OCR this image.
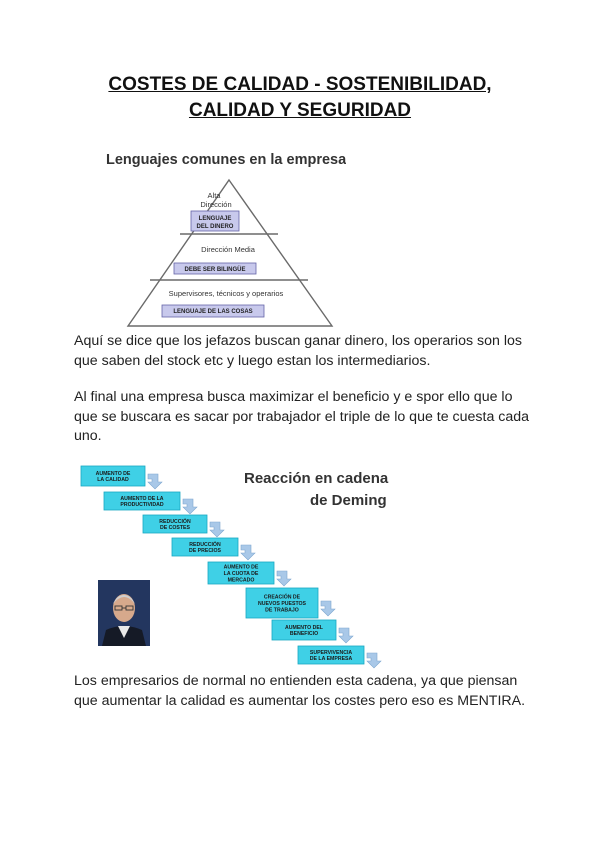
COSTES DE CALIDAD - SOSTENIBILIDAD,
CALIDAD Y SEGURIDAD
Lenguajes comunes en la empresa
Alta
Dirección
LENGUAJE
DEL DINERO
Dirección Media
DEBE SER BILINGÜE
Supervisores, técnicos y operarios
LENGUAJE DE LAS COSAS

Aquí se dice que los jefazos buscan ganar dinero, los operarios son los que saben del stock etc y luego estan los intermediarios.

Al final una empresa busca maximizar el beneficio y e spor ello que lo que se buscara es sacar por trabajador el triple de lo que te cuesta cada uno.

Reacción en cadena
de Deming
AUMENTO DE
LA CALIDAD
AUMENTO DE LA
PRODUCTIVIDAD
REDUCCIÓN
DE COSTES
REDUCCIÓN
DE PRECIOS
AUMENTO DE
LA CUOTA DE
MERCADO
CREACIÓN DE
NUEVOS PUESTOS
DE TRABAJO
AUMENTO DEL
BENEFICIO
SUPERVIVENCIA
DE LA EMPRESA

Los empresarios de normal no entienden esta cadena, ya que piensan que aumentar la calidad es aumentar los costes pero eso es MENTIRA.
